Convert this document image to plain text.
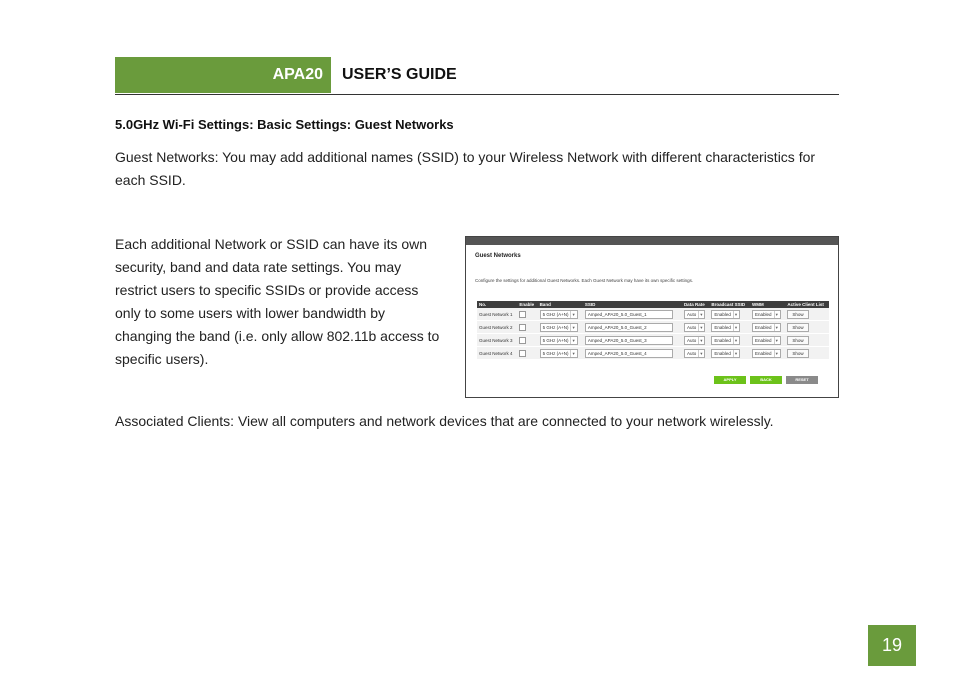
APA20	USER’S GUIDE
5.0GHz Wi-Fi Settings: Basic Settings: Guest Networks
Guest Networks: You may add additional names (SSID) to your Wireless Network with different characteristics for each SSID.
Each additional Network or SSID can have its own security, band and data rate settings. You may restrict users to specific SSIDs or provide access only to some users with lower bandwidth by changing the band (i.e. only allow 802.11b access to specific users).
Guest Networks
Configure the settings for additional Guest Networks. Each Guest Network may have its own specific settings.
No.	Enable	Band	SSID	Data Rate	Broadcast SSID	WMM	Active Client List
Guest Network 1		5 GHz (A+N) ▾	Amped_APA20_5.0_Guest_1	Auto ▾	Enabled ▾	Enabled ▾	Show
Guest Network 2		5 GHz (A+N) ▾	Amped_APA20_5.0_Guest_2	Auto ▾	Enabled ▾	Enabled ▾	Show
Guest Network 3		5 GHz (A+N) ▾	Amped_APA20_5.0_Guest_3	Auto ▾	Enabled ▾	Enabled ▾	Show
Guest Network 4		5 GHz (A+N) ▾	Amped_APA20_5.0_Guest_4	Auto ▾	Enabled ▾	Enabled ▾	Show
APPLY	BACK	RESET
Associated Clients: View all computers and network devices that are connected to your network wirelessly.
19
